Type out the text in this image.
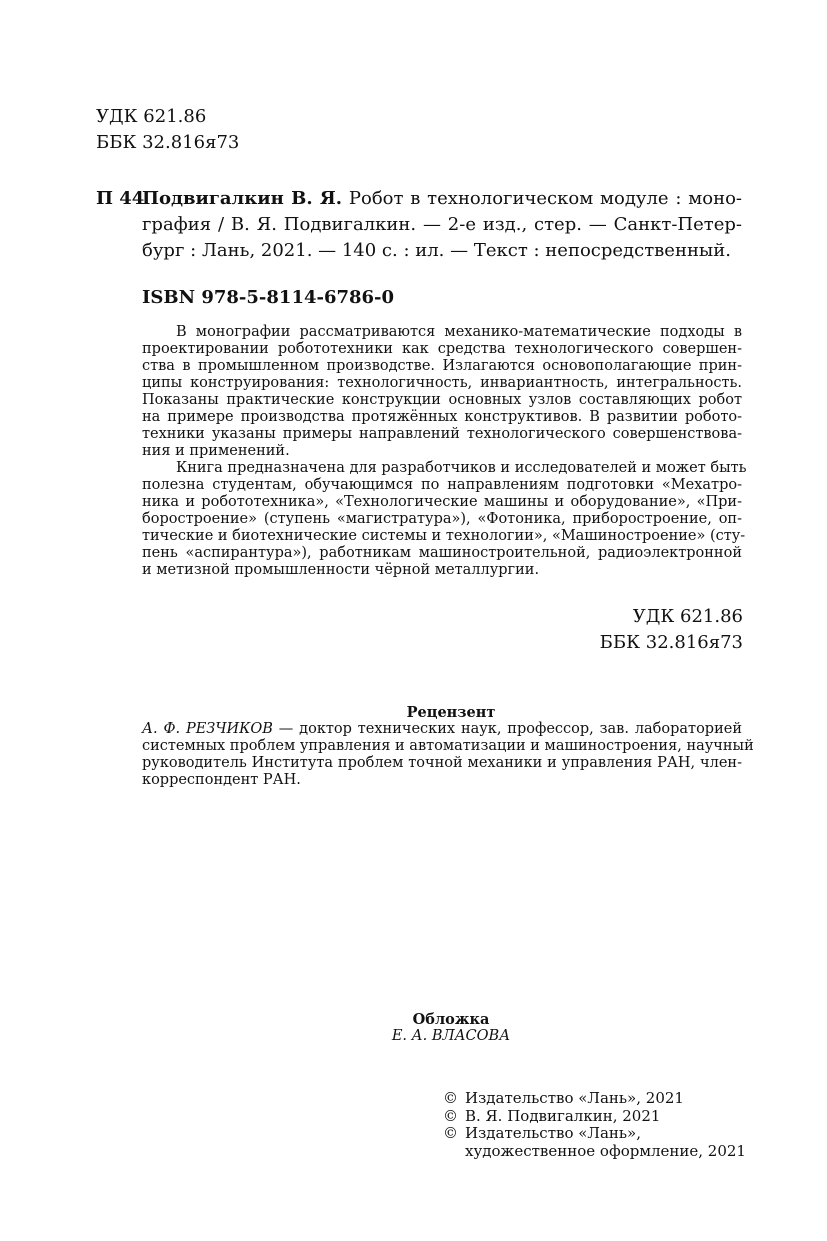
УДК 621.86
ББК 32.816я73
П 44
Подвигалкин В. Я. Робот в технологическом модуле : моно-
графия / В. Я. Подвигалкин. — 2-е изд., стер. — Санкт-Петер-
бург : Лань, 2021. — 140 с. : ил. — Текст : непосредственный.
ISBN 978-5-8114-6786-0
В монографии рассматриваются механико-математические подходы в
проектировании робототехники как средства технологического совершен-
ства в промышленном производстве. Излагаются основополагающие прин-
ципы конструирования: технологичность, инвариантность, интегральность.
Показаны практические конструкции основных узлов составляющих робот
на примере производства протяжённых конструктивов. В развитии робото-
техники указаны примеры направлений технологического совершенствова-
ния и применений.
Книга предназначена для разработчиков и исследователей и может быть
полезна студентам, обучающимся по направлениям подготовки «Мехатро-
ника и робототехника», «Технологические машины и оборудование», «При-
боростроение» (ступень «магистратура»), «Фотоника, приборостроение, оп-
тические и биотехнические системы и технологии», «Машиностроение» (сту-
пень «аспирантура»), работникам машиностроительной, радиоэлектронной
и метизной промышленности чёрной металлургии.
УДК 621.86
ББК 32.816я73
Рецензент
А. Ф. РЕЗЧИКОВ — доктор технических наук, профессор, зав. лабораторией
системных проблем управления и автоматизации и машиностроения, научный
руководитель Института проблем точной механики и управления РАН, член-
корреспондент РАН.
Обложка
Е. А. ВЛАСОВА
© Издательство «Лань», 2021
© В. Я. Подвигалкин, 2021
© Издательство «Лань»,
художественное оформление, 2021
